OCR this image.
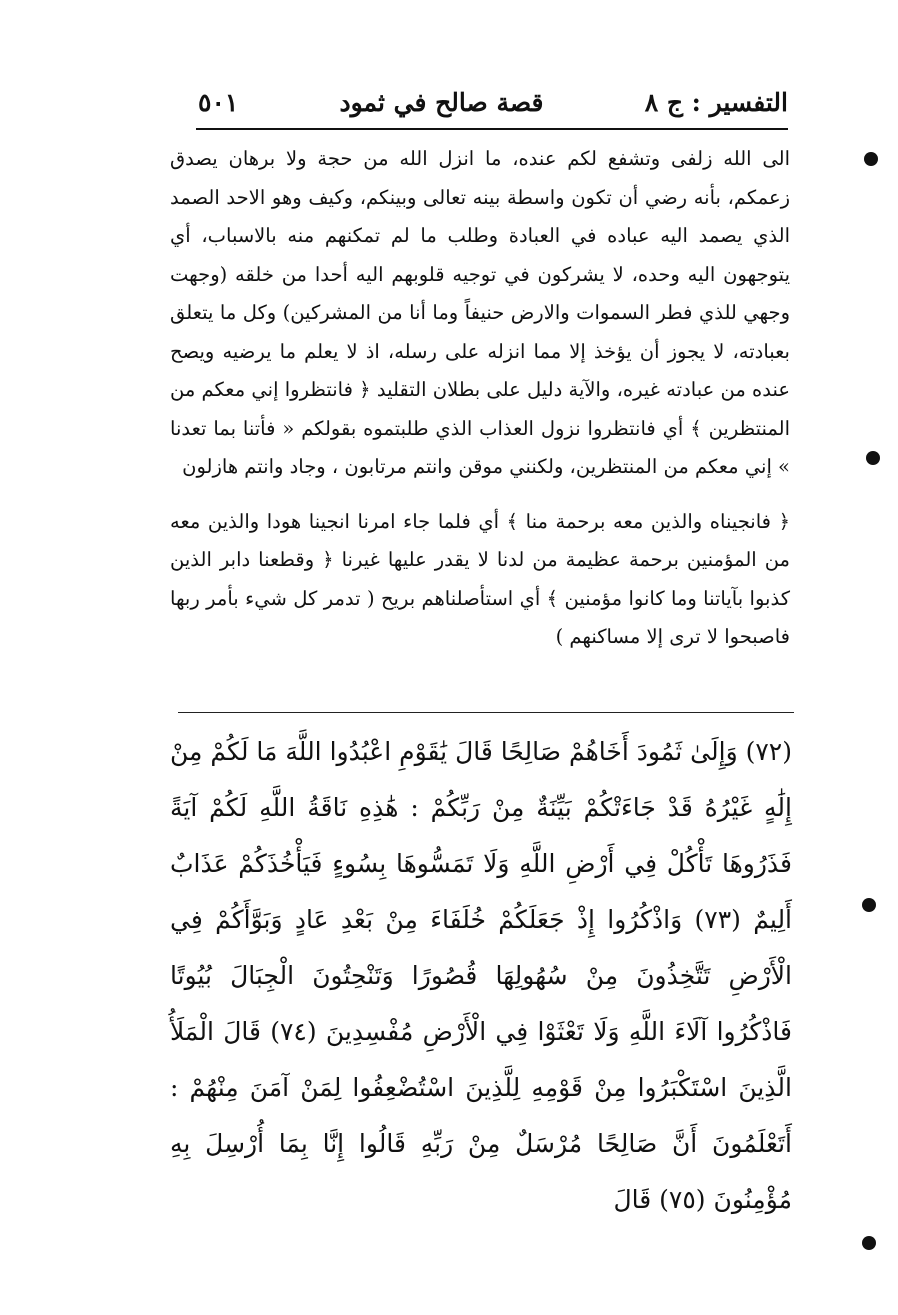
التفسير : ج ٨
قصة صالح في ثمود
٥٠١

الى الله زلفى وتشفع لكم عنده، ما انزل الله من حجة ولا برهان يصدق زعمكم، بأنه رضي أن تكون واسطة بينه تعالى وبينكم، وكيف وهو الاحد الصمد الذي يصمد اليه عباده في العبادة وطلب ما لم تمكنهم منه بالاسباب، أي يتوجهون اليه وحده، لا يشركون في توجيه قلوبهم اليه أحدا من خلقه (وجهت وجهي للذي فطر السموات والارض حنيفاً وما أنا من المشركين) وكل ما يتعلق بعبادته، لا يجوز أن يؤخذ إلا مما انزله على رسله، اذ لا يعلم ما يرضيه ويصح عنده من عبادته غيره، والآية دليل على بطلان التقليد ﴿ فانتظروا إني معكم من المنتظرين ﴾ أي فانتظروا نزول العذاب الذي طلبتموه بقولكم « فأتنا بما تعدنا » إني معكم من المنتظرين، ولكنني موقن وانتم مرتابون ، وجاد وانتم هازلون

﴿ فانجيناه والذين معه برحمة منا ﴾ أي فلما جاء امرنا انجينا هودا والذين معه من المؤمنين برحمة عظيمة من لدنا لا يقدر عليها غيرنا ﴿ وقطعنا دابر الذين كذبوا بآياتنا وما كانوا مؤمنين ﴾ أي استأصلناهم بريح ( تدمر كل شيء بأمر ربها فاصبحوا لا ترى إلا مساكنهم )

(٧٢) وَإِلَىٰ ثَمُودَ أَخَاهُمْ صَالِحًا قَالَ يَٰقَوْمِ اعْبُدُوا اللَّهَ مَا لَكُمْ مِنْ إِلَٰهٍ غَيْرُهُ قَدْ جَاءَتْكُمْ بَيِّنَةٌ مِنْ رَبِّكُمْ : هَٰذِهِ نَاقَةُ اللَّهِ لَكُمْ آيَةً فَذَرُوهَا تَأْكُلْ فِي أَرْضِ اللَّهِ وَلَا تَمَسُّوهَا بِسُوءٍ فَيَأْخُذَكُمْ عَذَابٌ أَلِيمٌ (٧٣) وَاذْكُرُوا إِذْ جَعَلَكُمْ خُلَفَاءَ مِنْ بَعْدِ عَادٍ وَبَوَّأَكُمْ فِي الْأَرْضِ تَتَّخِذُونَ مِنْ سُهُولِهَا قُصُورًا وَتَنْحِتُونَ الْجِبَالَ بُيُوتًا فَاذْكُرُوا آلَاءَ اللَّهِ وَلَا تَعْثَوْا فِي الْأَرْضِ مُفْسِدِينَ (٧٤) قَالَ الْمَلَأُ الَّذِينَ اسْتَكْبَرُوا مِنْ قَوْمِهِ لِلَّذِينَ اسْتُضْعِفُوا لِمَنْ آمَنَ مِنْهُمْ : أَتَعْلَمُونَ أَنَّ صَالِحًا مُرْسَلٌ مِنْ رَبِّهِ قَالُوا إِنَّا بِمَا أُرْسِلَ بِهِ مُؤْمِنُونَ (٧٥) قَالَ
